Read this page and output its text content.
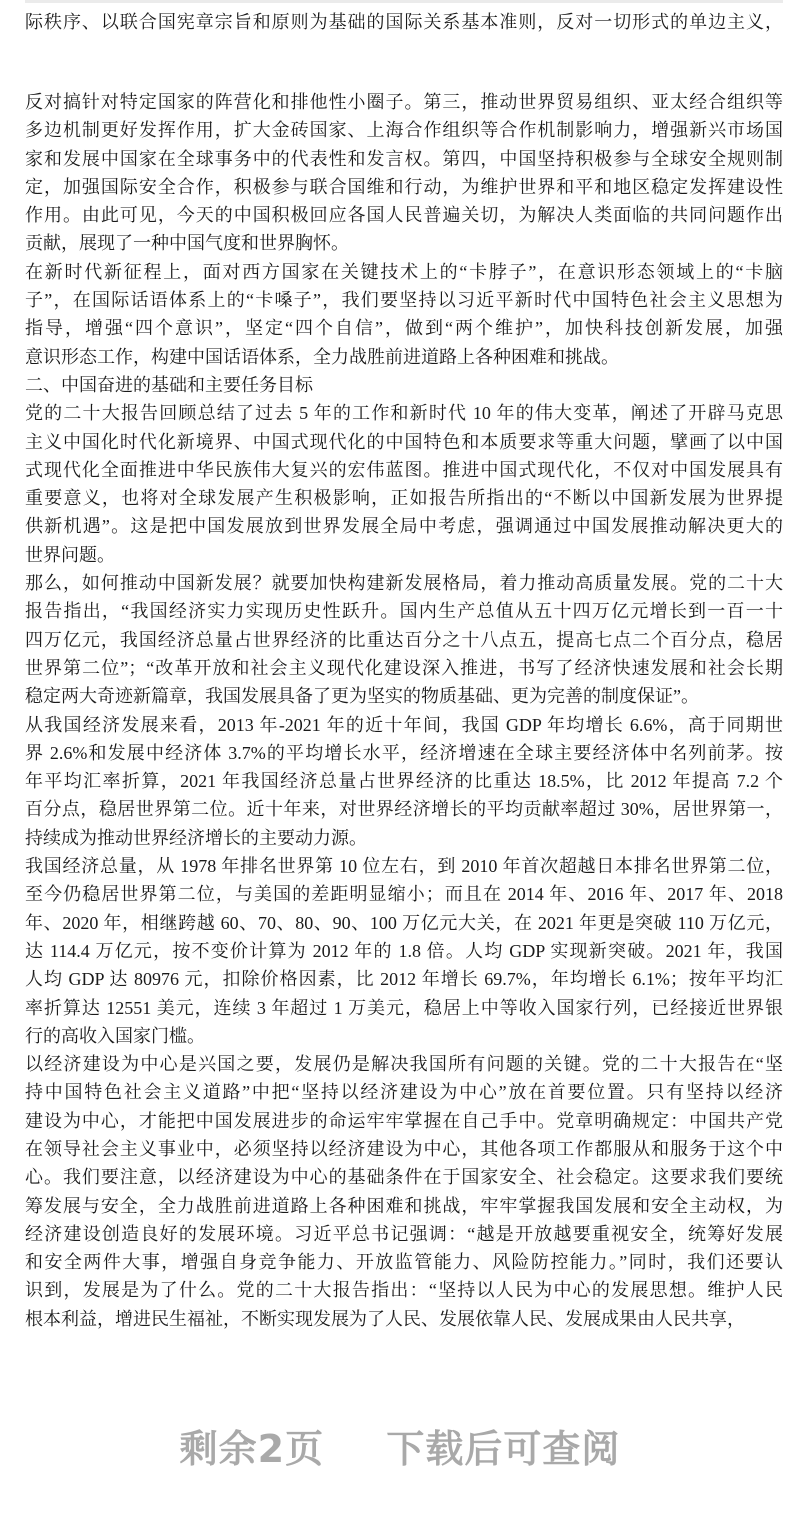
际秩序、以联合国宪章宗旨和原则为基础的国际关系基本准则，反对一切形式的单边主义，
反对搞针对特定国家的阵营化和排他性小圈子。第三，推动世界贸易组织、亚太经合组织等
多边机制更好发挥作用，扩大金砖国家、上海合作组织等合作机制影响力，增强新兴市场国
家和发展中国家在全球事务中的代表性和发言权。第四，中国坚持积极参与全球安全规则制
定，加强国际安全合作，积极参与联合国维和行动，为维护世界和平和地区稳定发挥建设性
作用。由此可见，今天的中国积极回应各国人民普遍关切，为解决人类面临的共同问题作出
贡献，展现了一种中国气度和世界胸怀。
在新时代新征程上，面对西方国家在关键技术上的“卡脖子”，在意识形态领域上的“卡脑
子”，在国际话语体系上的“卡嗓子”，我们要坚持以习近平新时代中国特色社会主义思想为
指导，增强“四个意识”，坚定“四个自信”，做到“两个维护”，加快科技创新发展，加强
意识形态工作，构建中国话语体系，全力战胜前进道路上各种困难和挑战。
二、中国奋进的基础和主要任务目标
党的二十大报告回顾总结了过去 5 年的工作和新时代 10 年的伟大变革，阐述了开辟马克思
主义中国化时代化新境界、中国式现代化的中国特色和本质要求等重大问题，擘画了以中国
式现代化全面推进中华民族伟大复兴的宏伟蓝图。推进中国式现代化，不仅对中国发展具有
重要意义，也将对全球发展产生积极影响，正如报告所指出的“不断以中国新发展为世界提
供新机遇”。这是把中国发展放到世界发展全局中考虑，强调通过中国发展推动解决更大的
世界问题。
那么，如何推动中国新发展？就要加快构建新发展格局，着力推动高质量发展。党的二十大
报告指出，“我国经济实力实现历史性跃升。国内生产总值从五十四万亿元增长到一百一十
四万亿元，我国经济总量占世界经济的比重达百分之十八点五，提高七点二个百分点，稳居
世界第二位”；“改革开放和社会主义现代化建设深入推进，书写了经济快速发展和社会长期
稳定两大奇迹新篇章，我国发展具备了更为坚实的物质基础、更为完善的制度保证”。
从我国经济发展来看，2013 年-2021 年的近十年间，我国 GDP 年均增长 6.6%，高于同期世
界 2.6%和发展中经济体 3.7%的平均增长水平，经济增速在全球主要经济体中名列前茅。按
年平均汇率折算，2021 年我国经济总量占世界经济的比重达 18.5%，比 2012 年提高 7.2 个
百分点，稳居世界第二位。近十年来，对世界经济增长的平均贡献率超过 30%，居世界第一，
持续成为推动世界经济增长的主要动力源。
我国经济总量，从 1978 年排名世界第 10 位左右，到 2010 年首次超越日本排名世界第二位，
至今仍稳居世界第二位，与美国的差距明显缩小；而且在 2014 年、2016 年、2017 年、2018
年、2020 年，相继跨越 60、70、80、90、100 万亿元大关，在 2021 年更是突破 110 万亿元，
达 114.4 万亿元，按不变价计算为 2012 年的 1.8 倍。人均 GDP 实现新突破。2021 年，我国
人均 GDP 达 80976 元，扣除价格因素，比 2012 年增长 69.7%，年均增长 6.1%；按年平均汇
率折算达 12551 美元，连续 3 年超过 1 万美元，稳居上中等收入国家行列，已经接近世界银
行的高收入国家门槛。
以经济建设为中心是兴国之要，发展仍是解决我国所有问题的关键。党的二十大报告在“坚
持中国特色社会主义道路”中把“坚持以经济建设为中心”放在首要位置。只有坚持以经济
建设为中心，才能把中国发展进步的命运牢牢掌握在自己手中。党章明确规定：中国共产党
在领导社会主义事业中，必须坚持以经济建设为中心，其他各项工作都服从和服务于这个中
心。我们要注意，以经济建设为中心的基础条件在于国家安全、社会稳定。这要求我们要统
筹发展与安全，全力战胜前进道路上各种困难和挑战，牢牢掌握我国发展和安全主动权，为
经济建设创造良好的发展环境。习近平总书记强调：“越是开放越要重视安全，统筹好发展
和安全两件大事，增强自身竞争能力、开放监管能力、风险防控能力。”同时，我们还要认
识到，发展是为了什么。党的二十大报告指出：“坚持以人民为中心的发展思想。维护人民
根本利益，增进民生福祉，不断实现发展为了人民、发展依靠人民、发展成果由人民共享，
剩余2页 下载后可查阅
